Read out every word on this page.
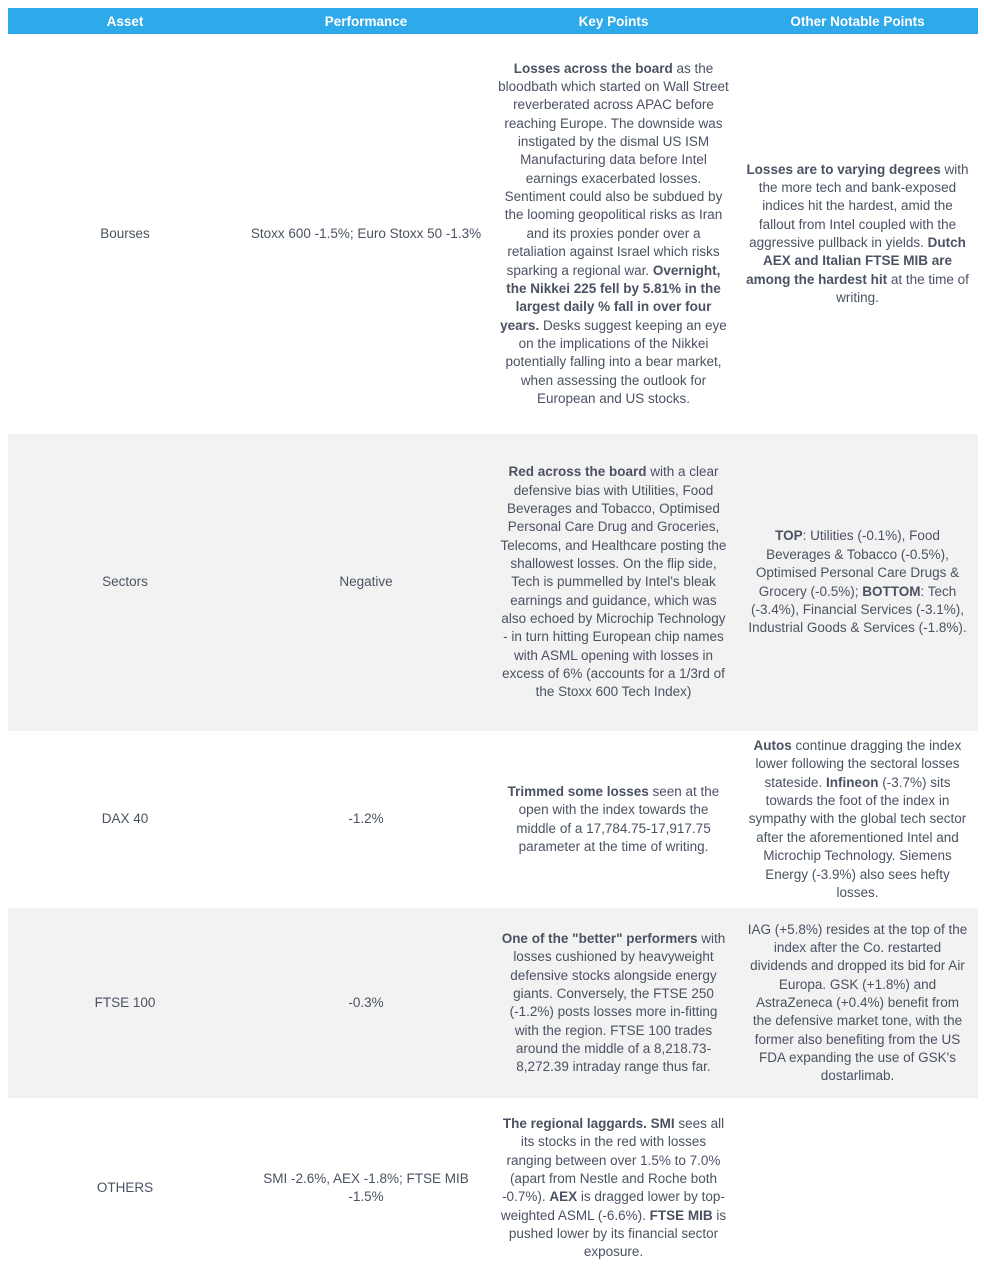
Asset	Performance	Key Points	Other Notable Points
Bourses	Stoxx 600 -1.5%; Euro Stoxx 50 -1.3%	Losses across the board as the bloodbath which started on Wall Street reverberated across APAC before reaching Europe. The downside was instigated by the dismal US ISM Manufacturing data before Intel earnings exacerbated losses. Sentiment could also be subdued by the looming geopolitical risks as Iran and its proxies ponder over a retaliation against Israel which risks sparking a regional war. Overnight, the Nikkei 225 fell by 5.81% in the largest daily % fall in over four years. Desks suggest keeping an eye on the implications of the Nikkei potentially falling into a bear market, when assessing the outlook for European and US stocks.	Losses are to varying degrees with the more tech and bank-exposed indices hit the hardest, amid the fallout from Intel coupled with the aggressive pullback in yields. Dutch AEX and Italian FTSE MIB are among the hardest hit at the time of writing.
Sectors	Negative	Red across the board with a clear defensive bias with Utilities, Food Beverages and Tobacco, Optimised Personal Care Drug and Groceries, Telecoms, and Healthcare posting the shallowest losses. On the flip side, Tech is pummelled by Intel's bleak earnings and guidance, which was also echoed by Microchip Technology - in turn hitting European chip names with ASML opening with losses in excess of 6% (accounts for a 1/3rd of the Stoxx 600 Tech Index)	TOP: Utilities (-0.1%), Food Beverages & Tobacco (-0.5%), Optimised Personal Care Drugs & Grocery (-0.5%); BOTTOM: Tech (-3.4%), Financial Services (-3.1%), Industrial Goods & Services (-1.8%).
DAX 40	-1.2%	Trimmed some losses seen at the open with the index towards the middle of a 17,784.75-17,917.75 parameter at the time of writing.	Autos continue dragging the index lower following the sectoral losses stateside. Infineon (-3.7%) sits towards the foot of the index in sympathy with the global tech sector after the aforementioned Intel and Microchip Technology. Siemens Energy (-3.9%) also sees hefty losses.
FTSE 100	-0.3%	One of the "better" performers with losses cushioned by heavyweight defensive stocks alongside energy giants. Conversely, the FTSE 250 (-1.2%) posts losses more in-fitting with the region. FTSE 100 trades around the middle of a 8,218.73-8,272.39 intraday range thus far.	IAG (+5.8%) resides at the top of the index after the Co. restarted dividends and dropped its bid for Air Europa. GSK (+1.8%) and AstraZeneca (+0.4%) benefit from the defensive market tone, with the former also benefiting from the US FDA expanding the use of GSK's dostarlimab.
OTHERS	SMI -2.6%, AEX -1.8%; FTSE MIB -1.5%	The regional laggards. SMI sees all its stocks in the red with losses ranging between over 1.5% to 7.0% (apart from Nestle and Roche both -0.7%). AEX is dragged lower by top-weighted ASML (-6.6%). FTSE MIB is pushed lower by its financial sector exposure.	
